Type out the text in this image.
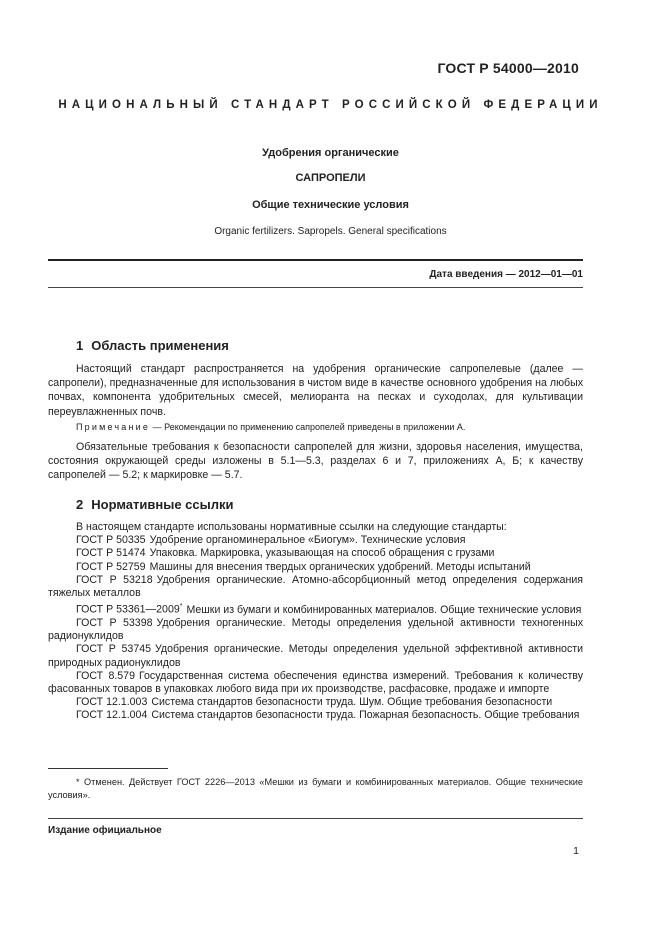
ГОСТ Р 54000—2010
НАЦИОНАЛЬНЫЙ СТАНДАРТ РОССИЙСКОЙ ФЕДЕРАЦИИ
Удобрения органические
САПРОПЕЛИ
Общие технические условия
Organic fertilizers. Sapropels. General specifications
Дата введения — 2012—01—01
1 Область применения
Настоящий стандарт распространяется на удобрения органические сапропелевые (далее — сапропели), предназначенные для использования в чистом виде в качестве основного удобрения на любых почвах, компонента удобрительных смесей, мелиоранта на песках и суходолах, для культивации переувлажненных почв.
Примечание — Рекомендации по применению сапропелей приведены в приложении А.
Обязательные требования к безопасности сапропелей для жизни, здоровья населения, имущества, состояния окружающей среды изложены в 5.1—5.3, разделах 6 и 7, приложениях А, Б; к качеству сапропелей — 5.2; к маркировке — 5.7.
2 Нормативные ссылки
В настоящем стандарте использованы нормативные ссылки на следующие стандарты:
ГОСТ Р 50335 Удобрение органоминеральное «Биогум». Технические условия
ГОСТ Р 51474 Упаковка. Маркировка, указывающая на способ обращения с грузами
ГОСТ Р 52759 Машины для внесения твердых органических удобрений. Методы испытаний
ГОСТ Р 53218 Удобрения органические. Атомно-абсорбционный метод определения содержания тяжелых металлов
ГОСТ Р 53361—2009* Мешки из бумаги и комбинированных материалов. Общие технические условия
ГОСТ Р 53398 Удобрения органические. Методы определения удельной активности техногенных радионуклидов
ГОСТ Р 53745 Удобрения органические. Методы определения удельной эффективной активности природных радионуклидов
ГОСТ 8.579 Государственная система обеспечения единства измерений. Требования к количеству фасованных товаров в упаковках любого вида при их производстве, расфасовке, продаже и импорте
ГОСТ 12.1.003 Система стандартов безопасности труда. Шум. Общие требования безопасности
ГОСТ 12.1.004 Система стандартов безопасности труда. Пожарная безопасность. Общие требования
* Отменен. Действует ГОСТ 2226—2013 «Мешки из бумаги и комбинированных материалов. Общие технические условия».
Издание официальное
1
